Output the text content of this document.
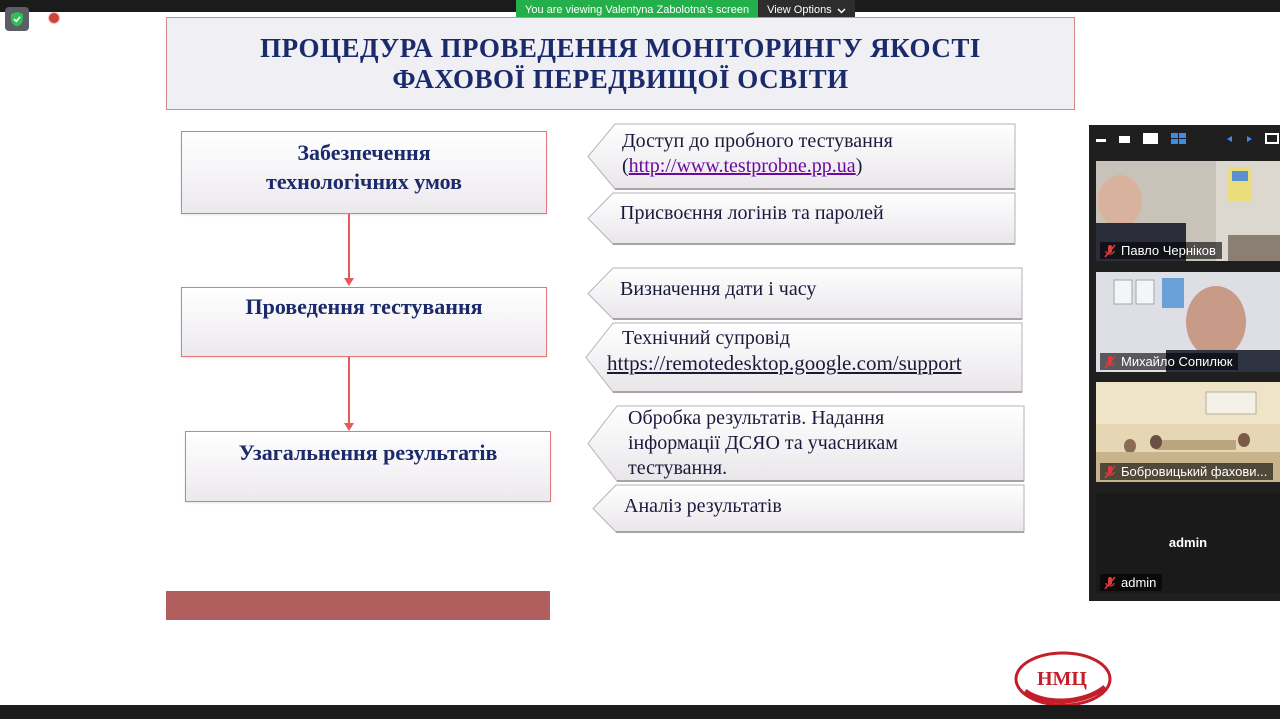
You are viewing Valentyna Zabolotna's screen	View Options
ПРОЦЕДУРА ПРОВЕДЕННЯ МОНІТОРИНГУ ЯКОСТІ
ФАХОВОЇ ПЕРЕДВИЩОЇ ОСВІТИ
Забезпечення
технологічних умов
Проведення тестування
Узагальнення результатів
Доступ до пробного тестування
(http://www.testprobne.pp.ua)
Присвоєння логінів та паролей
Визначення дати і часу
Технічний супровід
https://remotedesktop.google.com/support
Обробка результатів. Надання
інформації ДСЯО та учасникам
тестування.
Аналіз результатів
НМЦ
Павло Черніков
Михайло Сопилюк
Бобровицький фахови...
admin
admin
